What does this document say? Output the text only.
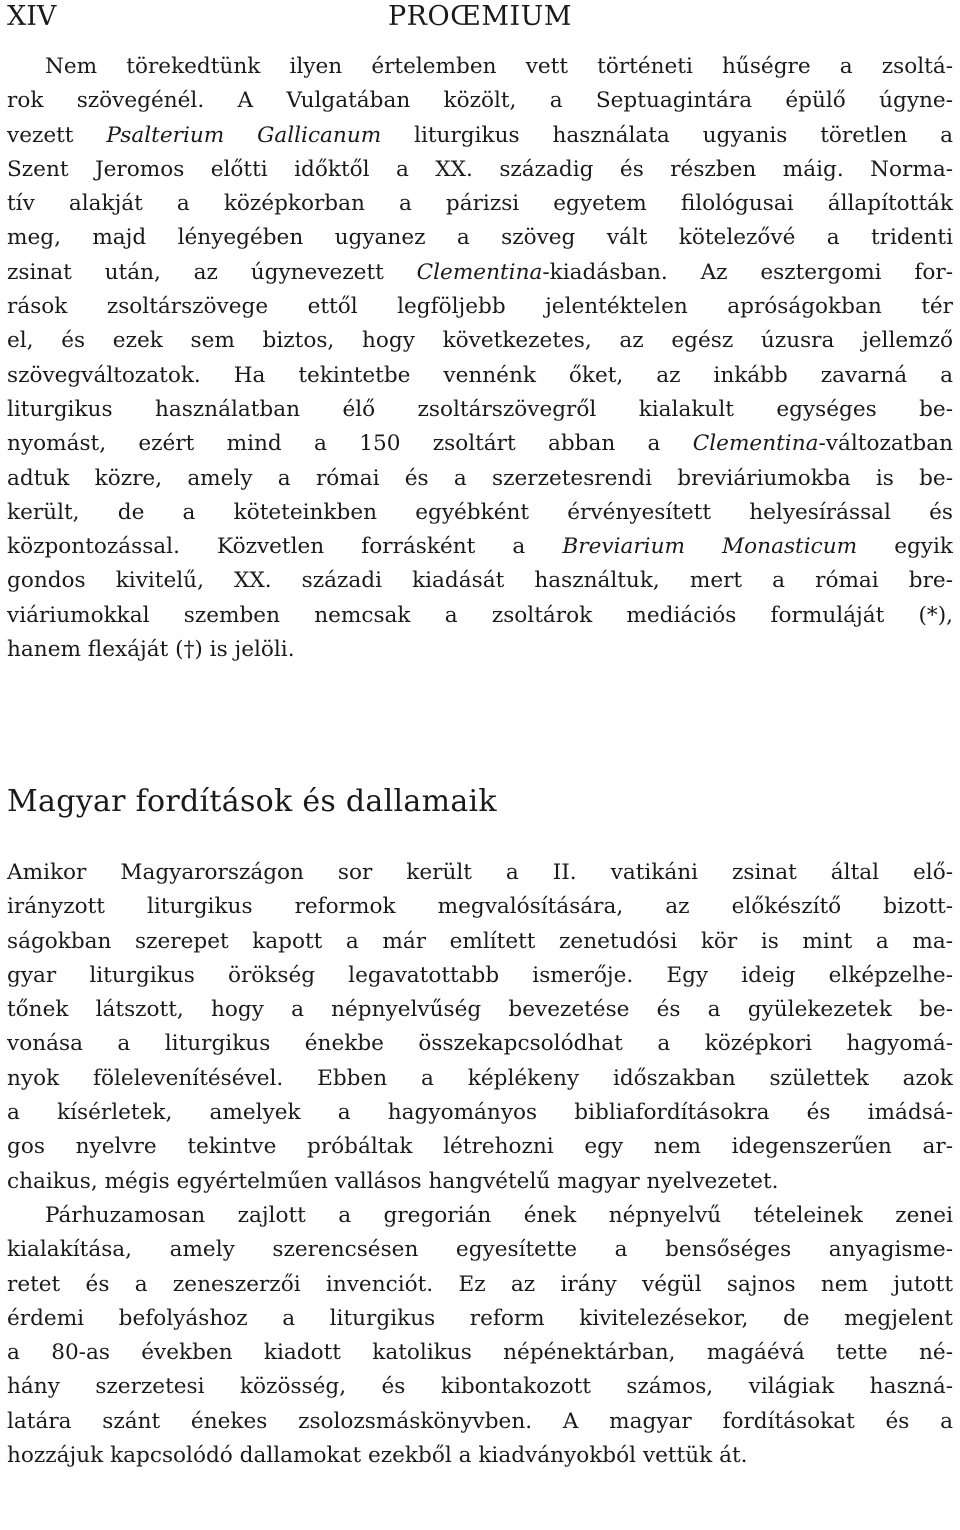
XIV	PROŒMIUM

Nem törekedtünk ilyen értelemben vett történeti hűségre a zsoltá-

rok szövegénél. A Vulgatában közölt, a Septuagintára épülő úgyne-

vezett Psalterium Gallicanum liturgikus használata ugyanis töretlen a

Szent Jeromos előtti időktől a XX. századig és részben máig. Norma-

tív alakját a középkorban a párizsi egyetem filológusai állapították

meg, majd lényegében ugyanez a szöveg vált kötelezővé a tridenti

zsinat után, az úgynevezett Clementina-kiadásban. Az esztergomi for-

rások zsoltárszövege ettől legföljebb jelentéktelen apróságokban tér

el, és ezek sem biztos, hogy következetes, az egész úzusra jellemző

szövegváltozatok. Ha tekintetbe vennénk őket, az inkább zavarná a

liturgikus használatban élő zsoltárszövegről kialakult egységes be-

nyomást, ezért mind a 150 zsoltárt abban a Clementina-változatban

adtuk közre, amely a római és a szerzetesrendi breviáriumokba is be-

került, de a köteteinkben egyébként érvényesített helyesírással és

központozással. Közvetlen forrásként a Breviarium Monasticum egyik

gondos kivitelű, XX. századi kiadását használtuk, mert a római bre-

viáriumokkal szemben nemcsak a zsoltárok mediációs formuláját (*),

hanem flexáját (†) is jelöli.

Magyar fordítások és dallamaik

Amikor Magyarországon sor került a II. vatikáni zsinat által elő-

irányzott liturgikus reformok megvalósítására, az előkészítő bizott-

ságokban szerepet kapott a már említett zenetudósi kör is mint a ma-

gyar liturgikus örökség legavatottabb ismerője. Egy ideig elképzelhe-

tőnek látszott, hogy a népnyelvűség bevezetése és a gyülekezetek be-

vonása a liturgikus énekbe összekapcsolódhat a középkori hagyomá-

nyok fölelevenítésével. Ebben a képlékeny időszakban születtek azok

a kísérletek, amelyek a hagyományos bibliafordításokra és imádsá-

gos nyelvre tekintve próbáltak létrehozni egy nem idegenszerűen ar-

chaikus, mégis egyértelműen vallásos hangvételű magyar nyelvezetet.

Párhuzamosan zajlott a gregorián ének népnyelvű tételeinek zenei

kialakítása, amely szerencsésen egyesítette a bensőséges anyagisme-

retet és a zeneszerzői invenciót. Ez az irány végül sajnos nem jutott

érdemi befolyáshoz a liturgikus reform kivitelezésekor, de megjelent

a 80-as években kiadott katolikus népénektárban, magáévá tette né-

hány szerzetesi közösség, és kibontakozott számos, világiak haszná-

latára szánt énekes zsolozsmáskönyvben. A magyar fordításokat és a

hozzájuk kapcsolódó dallamokat ezekből a kiadványokból vettük át.
